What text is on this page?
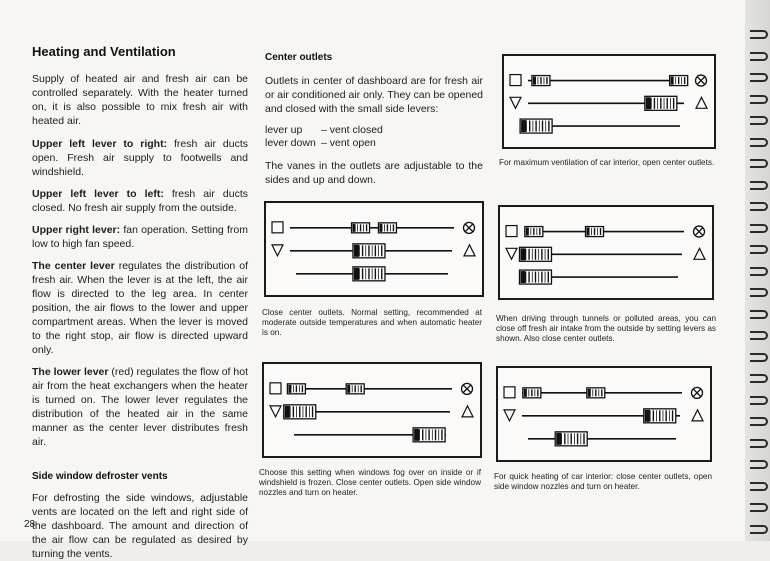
Heating and Ventilation

Supply of heated air and fresh air can be controlled separately. With the heater turned on, it is also possible to mix fresh air with heated air.

Upper left lever to right: fresh air ducts open. Fresh air supply to footwells and windshield.

Upper left lever to left: fresh air ducts closed. No fresh air supply from the outside.

Upper right lever: fan operation. Setting from low to high fan speed.

The center lever regulates the distribution of fresh air. When the lever is at the left, the air flow is directed to the leg area. In center position, the air flows to the lower and upper compartment areas. When the lever is moved to the right stop, air flow is directed upward only.

The lower lever (red) regulates the flow of hot air from the heat exchangers when the heater is turned on. The lower lever regulates the distribution of the heated air in the same manner as the center lever distributes fresh air.

Side window defroster vents

For defrosting the side windows, adjustable vents are located on the left and right side of the dashboard. The amount and direction of the air flow can be regulated as desired by turning the vents.

Center outlets

Outlets in center of dashboard are for fresh air or air conditioned air only. They can be opened and closed with the small side levers:

lever up – vent closed
lever down – vent open

The vanes in the outlets are adjustable to the sides and up and down.

For maximum ventilation of car interior, open center outlets.

Close center outlets. Normal setting, recommended at moderate outside temperatures and when automatic heater is on.

When driving through tunnels or polluted areas, you can close off fresh air intake from the outside by setting levers as shown. Also close center outlets.

Choose this setting when windows fog over on inside or if windshield is frozen. Close center outlets. Open side window nozzles and turn on heater.

For quick heating of car interior: close center outlets, open side window nozzles and turn on heater.

28
